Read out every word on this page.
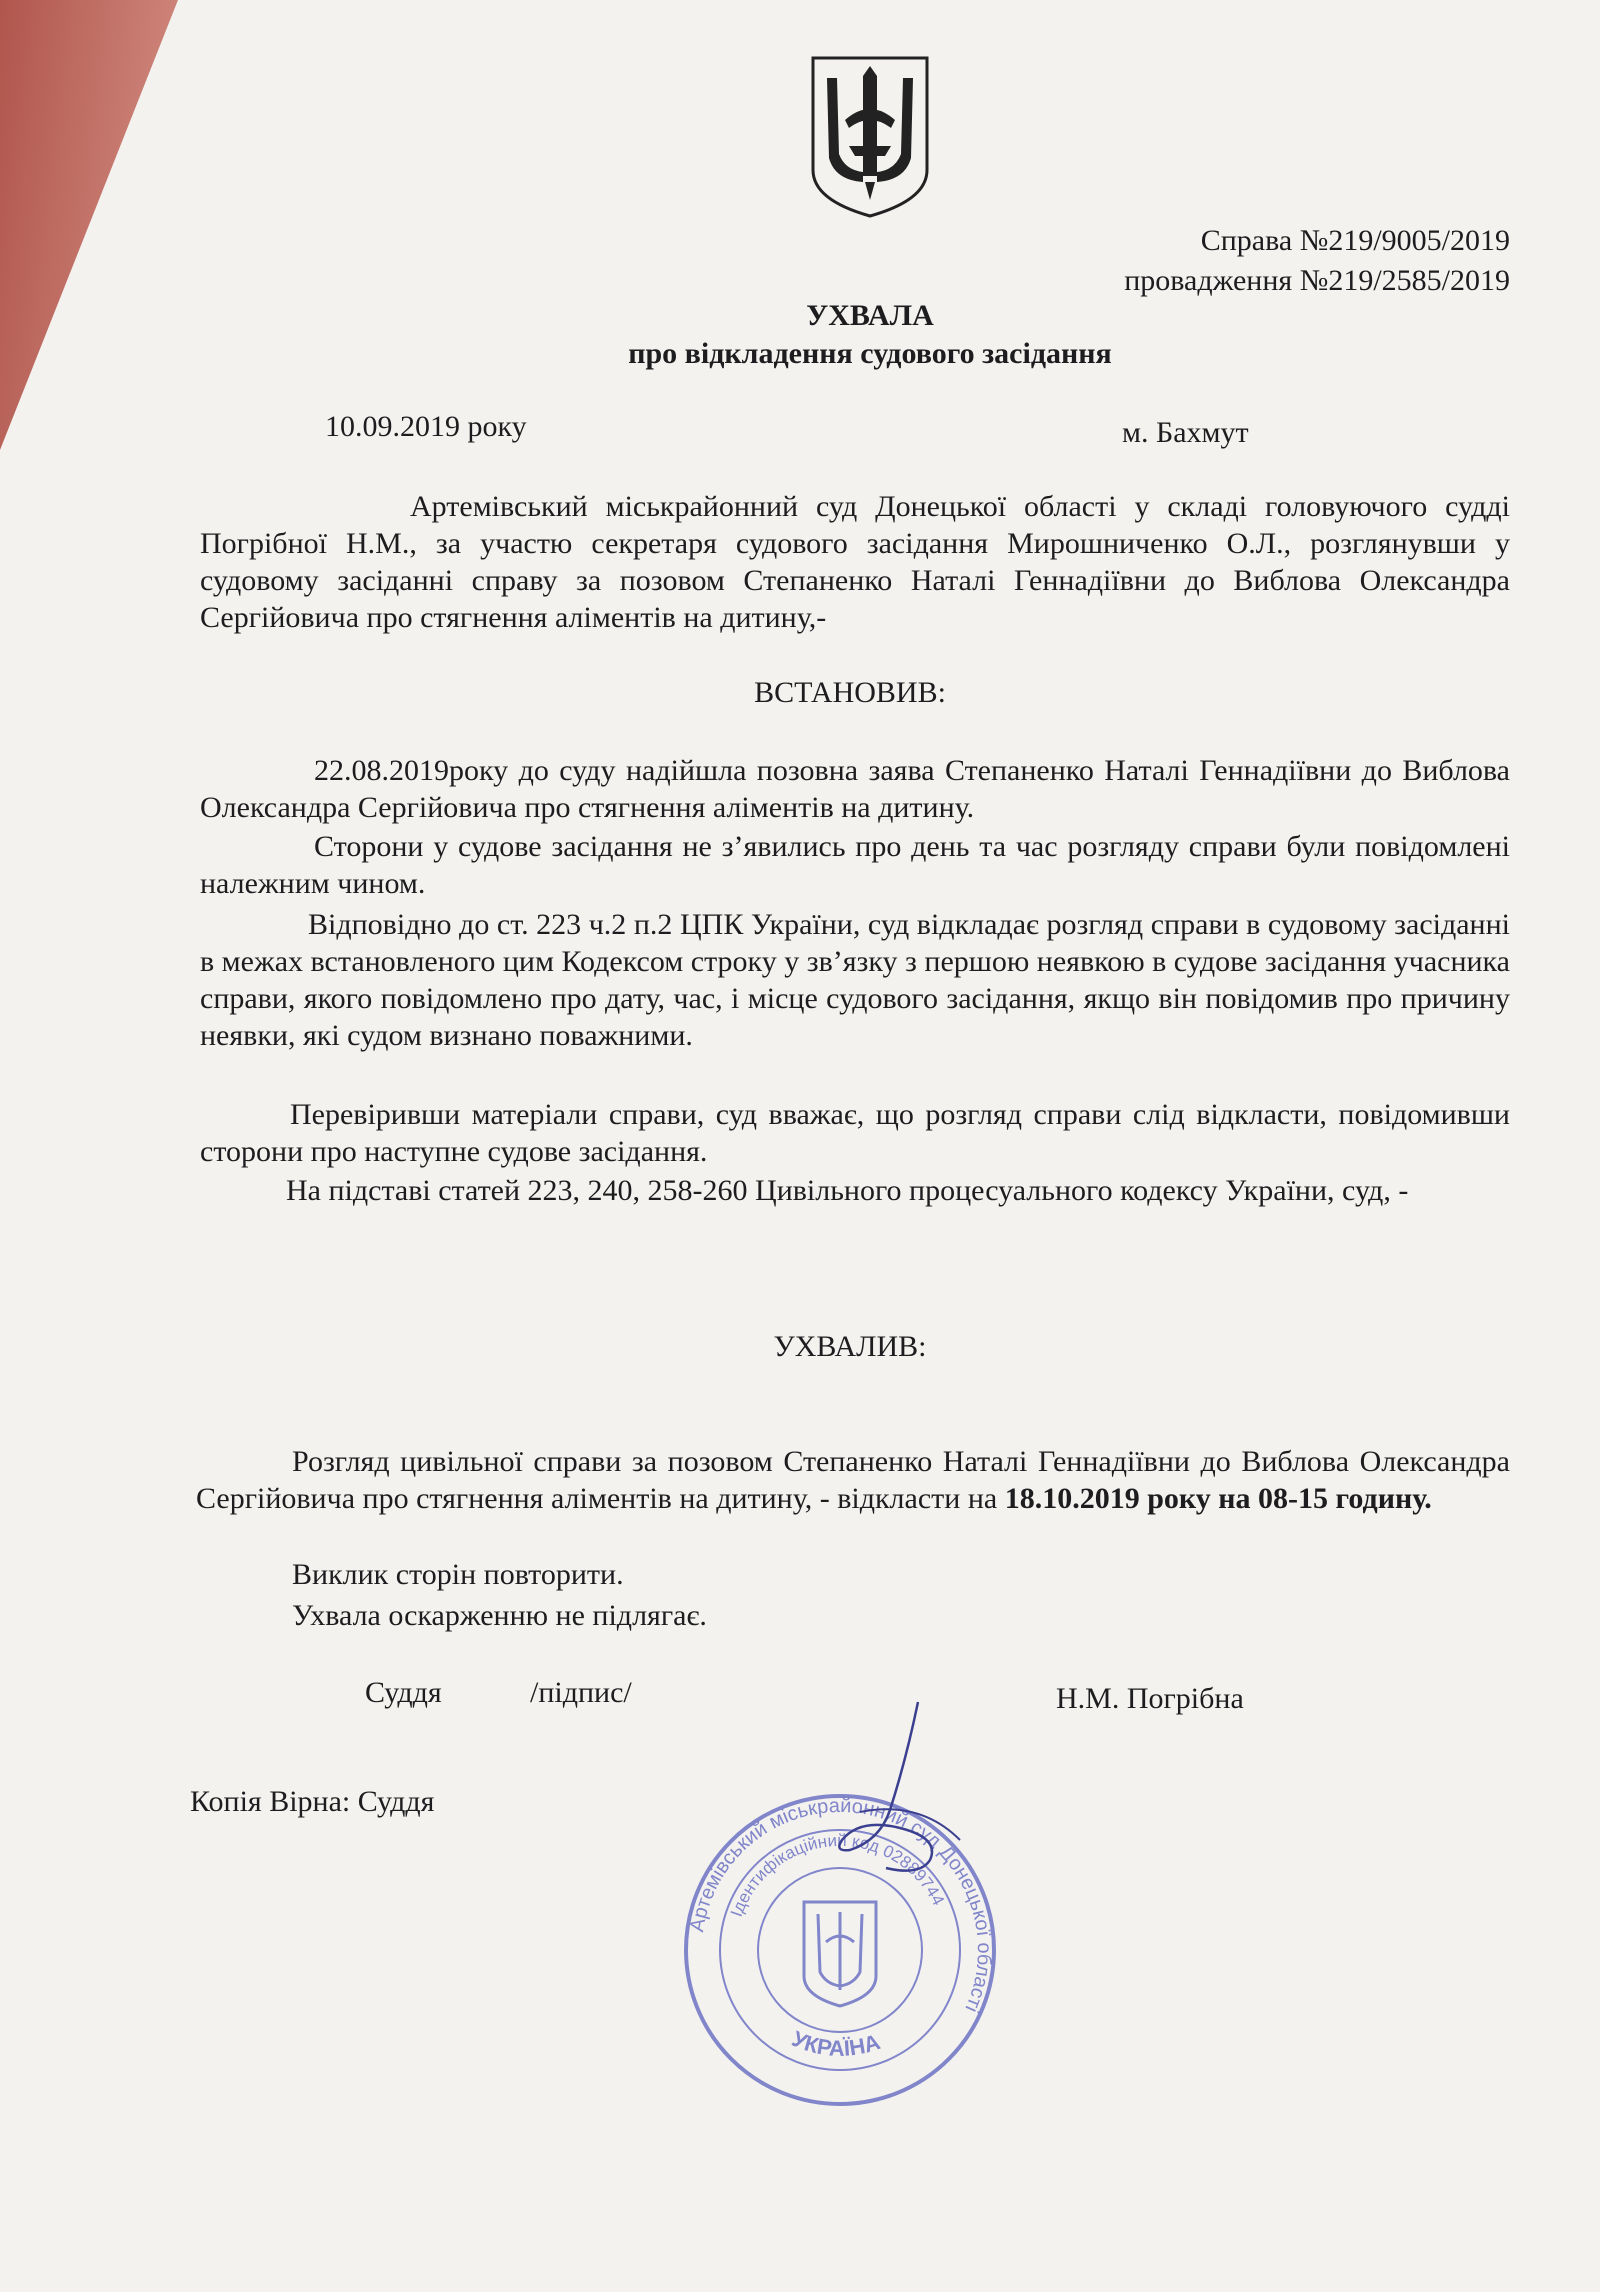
Справа №219/9005/2019

провадження №219/2585/2019

УХВАЛА

про відкладення судового засідання

10.09.2019 року	м. Бахмут

Артемівський міськрайонний суд Донецької області у складі головуючого судді Погрібної Н.М., за участю секретаря судового засідання Мирошниченко О.Л., розглянувши у судовому засіданні справу за позовом Степаненко Наталі Геннадіївни до Виблова Олександра Сергійовича про стягнення аліментів на дитину,-

ВСТАНОВИВ:

22.08.2019року до суду надійшла позовна заява Степаненко Наталі Геннадіївни до Виблова Олександра Сергійовича про стягнення аліментів на дитину.

Сторони у судове засідання не з’явились про день та час розгляду справи були повідомлені належним чином.

Відповідно до ст. 223 ч.2 п.2 ЦПК України, суд відкладає розгляд справи в судовому засіданні в межах встановленого цим Кодексом строку у зв’язку з першою неявкою в судове засідання учасника справи, якого повідомлено про дату, час, і місце судового засідання, якщо він повідомив про причину неявки, які судом визнано поважними.

Перевіривши матеріали справи, суд вважає, що розгляд справи слід відкласти, повідомивши сторони про наступне судове засідання.

На підставі статей 223, 240, 258-260 Цивільного процесуального кодексу України, суд, -

УХВАЛИВ:

Розгляд цивільної справи за позовом Степаненко Наталі Геннадіївни до Виблова Олександра Сергійовича про стягнення аліментів на дитину, - відкласти на 18.10.2019 року на 08-15 годину.

Виклик сторін повторити.

Ухвала оскарженню не підлягає.

Суддя	/підпис/	Н.М. Погрібна

Копія Вірна: Суддя

Артемівський міськрайонний суд Донецької області
Ідентифікаційний код 02889744
УКРАЇНА
